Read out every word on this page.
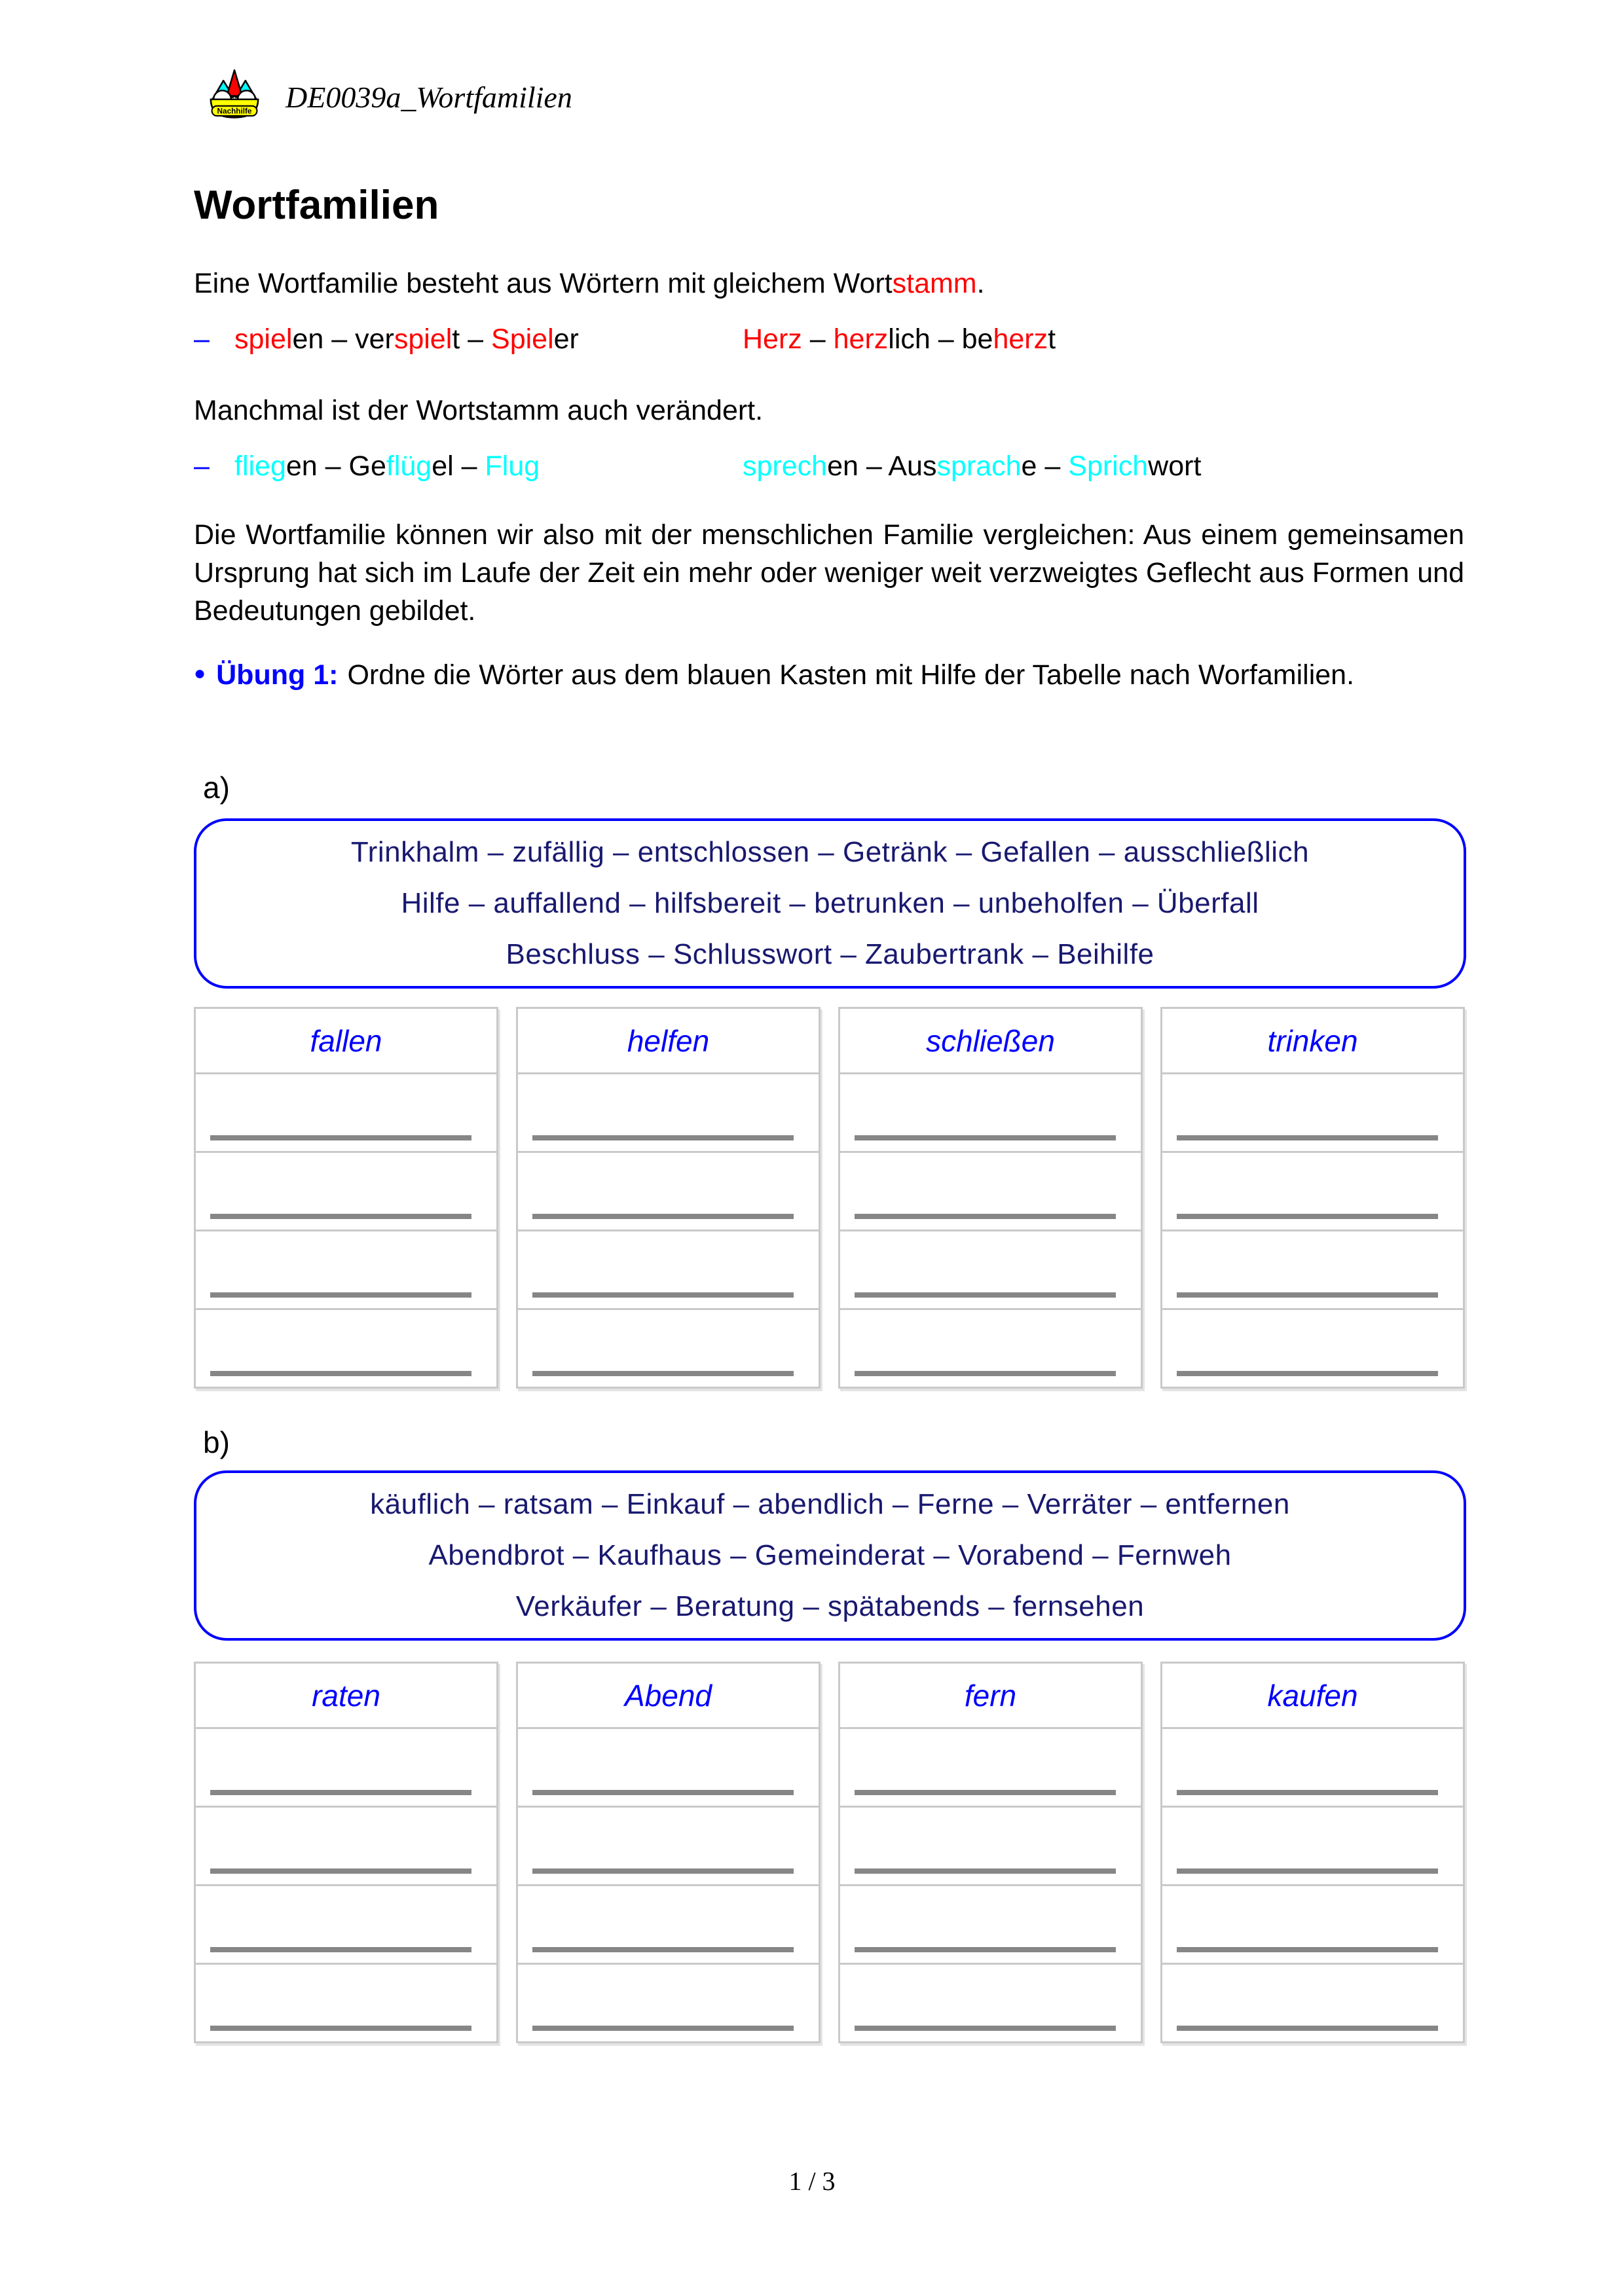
Nachhilfe DE0039a_Wortfamilien
Wortfamilien
Eine Wortfamilie besteht aus Wörtern mit gleichem Wortstamm.
– spielen – verspielt – Spieler	Herz – herzlich – beherzt
Manchmal ist der Wortstamm auch verändert.
– fliegen – Geflügel – Flug	sprechen – Aussprache – Sprichwort
Die Wortfamilie können wir also mit der menschlichen Familie vergleichen: Aus einem gemeinsamen Ursprung hat sich im Laufe der Zeit ein mehr oder weniger weit verzweigtes Geflecht aus Formen und Bedeutungen gebildet.
● Übung 1: Ordne die Wörter aus dem blauen Kasten mit Hilfe der Tabelle nach Worfamilien.
a)
Trinkhalm – zufällig – entschlossen – Getränk – Gefallen – ausschließlich
Hilfe – auffallend – hilfsbereit – betrunken – unbeholfen – Überfall
Beschluss – Schlusswort – Zaubertrank – Beihilfe
fallen	helfen	schließen	trinken
b)
käuflich – ratsam – Einkauf – abendlich – Ferne – Verräter – entfernen
Abendbrot – Kaufhaus – Gemeinderat – Vorabend – Fernweh
Verkäufer – Beratung – spätabends – fernsehen
raten	Abend	fern	kaufen
1 / 3
